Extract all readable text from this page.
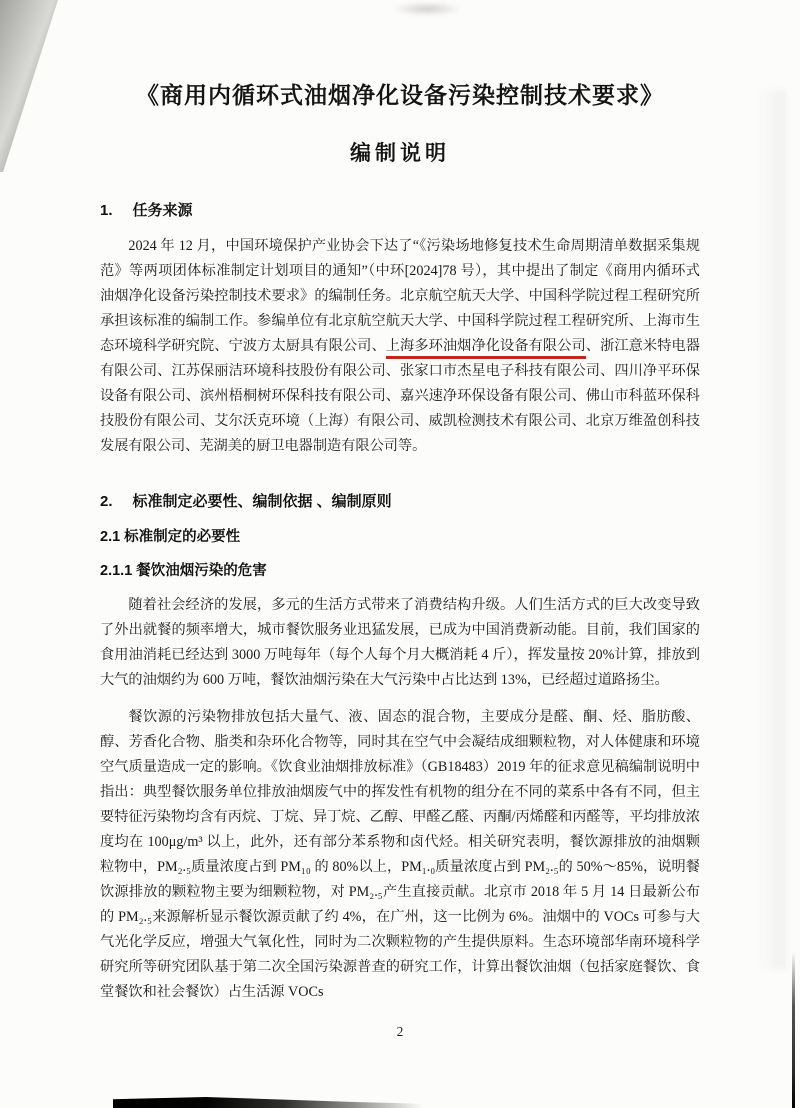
《商用内循环式油烟净化设备污染控制技术要求》
编制说明
1. 任务来源

2024 年 12 月，中国环境保护产业协会下达了“《污染场地修复技术生命周期清单数据采集规范》等两项团体标准制定计划项目的通知”（中环[2024]78 号），其中提出了制定《商用内循环式油烟净化设备污染控制技术要求》的编制任务。北京航空航天大学、中国科学院过程工程研究所承担该标准的编制工作。参编单位有北京航空航天大学、中国科学院过程工程研究所、上海市生态环境科学研究院、宁波方太厨具有限公司、上海多环油烟净化设备有限公司、浙江意米特电器有限公司、江苏保丽洁环境科技股份有限公司、张家口市杰星电子科技有限公司、四川净平环保设备有限公司、滨州梧桐树环保科技有限公司、嘉兴速净环保设备有限公司、佛山市科蓝环保科技股份有限公司、艾尔沃克环境（上海）有限公司、威凯检测技术有限公司、北京万维盈创科技发展有限公司、芜湖美的厨卫电器制造有限公司等。

2. 标准制定必要性、编制依据 、编制原则
2.1 标准制定的必要性
2.1.1 餐饮油烟污染的危害

随着社会经济的发展，多元的生活方式带来了消费结构升级。人们生活方式的巨大改变导致了外出就餐的频率增大，城市餐饮服务业迅猛发展，已成为中国消费新动能。目前，我们国家的食用油消耗已经达到 3000 万吨每年（每个人每个月大概消耗 4 斤），挥发量按 20%计算，排放到大气的油烟约为 600 万吨，餐饮油烟污染在大气污染中占比达到 13%，已经超过道路扬尘。

餐饮源的污染物排放包括大量气、液、固态的混合物，主要成分是醛、酮、烃、脂肪酸、醇、芳香化合物、脂类和杂环化合物等，同时其在空气中会凝结成细颗粒物，对人体健康和环境空气质量造成一定的影响。《饮食业油烟排放标准》（GB18483）2019 年的征求意见稿编制说明中指出：典型餐饮服务单位排放油烟废气中的挥发性有机物的组分在不同的菜系中各有不同，但主要特征污染物均含有丙烷、丁烷、异丁烷、乙醇、甲醛乙醛、丙酮/丙烯醛和丙醛等，平均排放浓度均在 100μg/m³ 以上，此外，还有部分苯系物和卤代烃。相关研究表明，餐饮源排放的油烟颗粒物中，PM₂.₅质量浓度占到 PM₁₀ 的 80%以上，PM₁.₀质量浓度占到 PM₂.₅的 50%～85%，说明餐饮源排放的颗粒物主要为细颗粒物，对 PM₂.₅产生直接贡献。北京市 2018 年 5 月 14 日最新公布的 PM₂.₅来源解析显示餐饮源贡献了约 4%，在广州，这一比例为 6%。油烟中的 VOCs 可参与大气光化学反应，增强大气氧化性，同时为二次颗粒物的产生提供原料。生态环境部华南环境科学研究所等研究团队基于第二次全国污染源普查的研究工作，计算出餐饮油烟（包括家庭餐饮、食堂餐饮和社会餐饮）占生活源 VOCs

2
